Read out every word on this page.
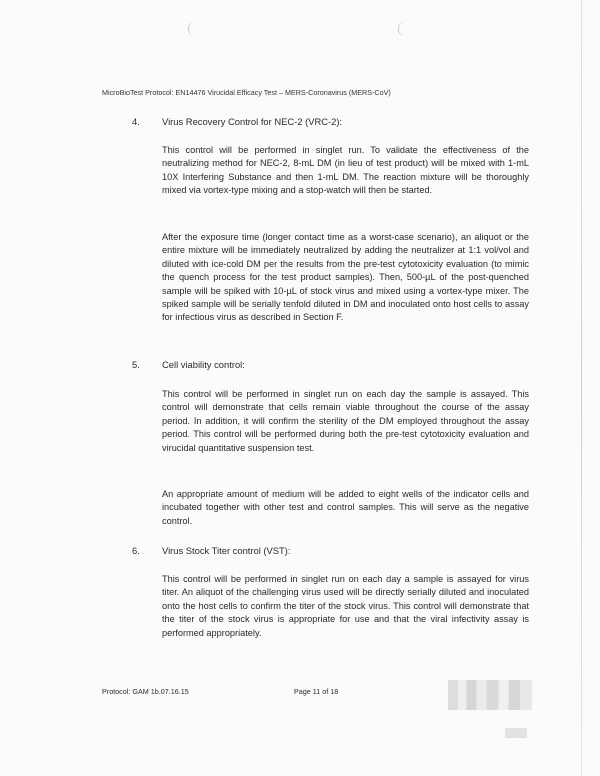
MicroBioTest Protocol: EN14476 Virucidal Efficacy Test – MERS-Coronavirus (MERS-CoV)
4. Virus Recovery Control for NEC-2 (VRC-2):

This control will be performed in singlet run. To validate the effectiveness of the neutralizing method for NEC-2, 8-mL DM (in lieu of test product) will be mixed with 1-mL 10X Interfering Substance and then 1-mL DM. The reaction mixture will be thoroughly mixed via vortex-type mixing and a stop-watch will then be started.

After the exposure time (longer contact time as a worst-case scenario), an aliquot or the entire mixture will be immediately neutralized by adding the neutralizer at 1:1 vol/vol and diluted with ice-cold DM per the results from the pre-test cytotoxicity evaluation (to mimic the quench process for the test product samples). Then, 500-µL of the post-quenched sample will be spiked with 10-µL of stock virus and mixed using a vortex-type mixer. The spiked sample will be serially tenfold diluted in DM and inoculated onto host cells to assay for infectious virus as described in Section F.

5. Cell viability control:

This control will be performed in singlet run on each day the sample is assayed. This control will demonstrate that cells remain viable throughout the course of the assay period. In addition, it will confirm the sterility of the DM employed throughout the assay period. This control will be performed during both the pre-test cytotoxicity evaluation and virucidal quantitative suspension test.

An appropriate amount of medium will be added to eight wells of the indicator cells and incubated together with other test and control samples. This will serve as the negative control.

6. Virus Stock Titer control (VST):

This control will be performed in singlet run on each day a sample is assayed for virus titer. An aliquot of the challenging virus used will be directly serially diluted and inoculated onto the host cells to confirm the titer of the stock virus. This control will demonstrate that the titer of the stock virus is appropriate for use and that the viral infectivity assay is performed appropriately.

Protocol: GAM 1b.07.16.15	Page 11 of 18
